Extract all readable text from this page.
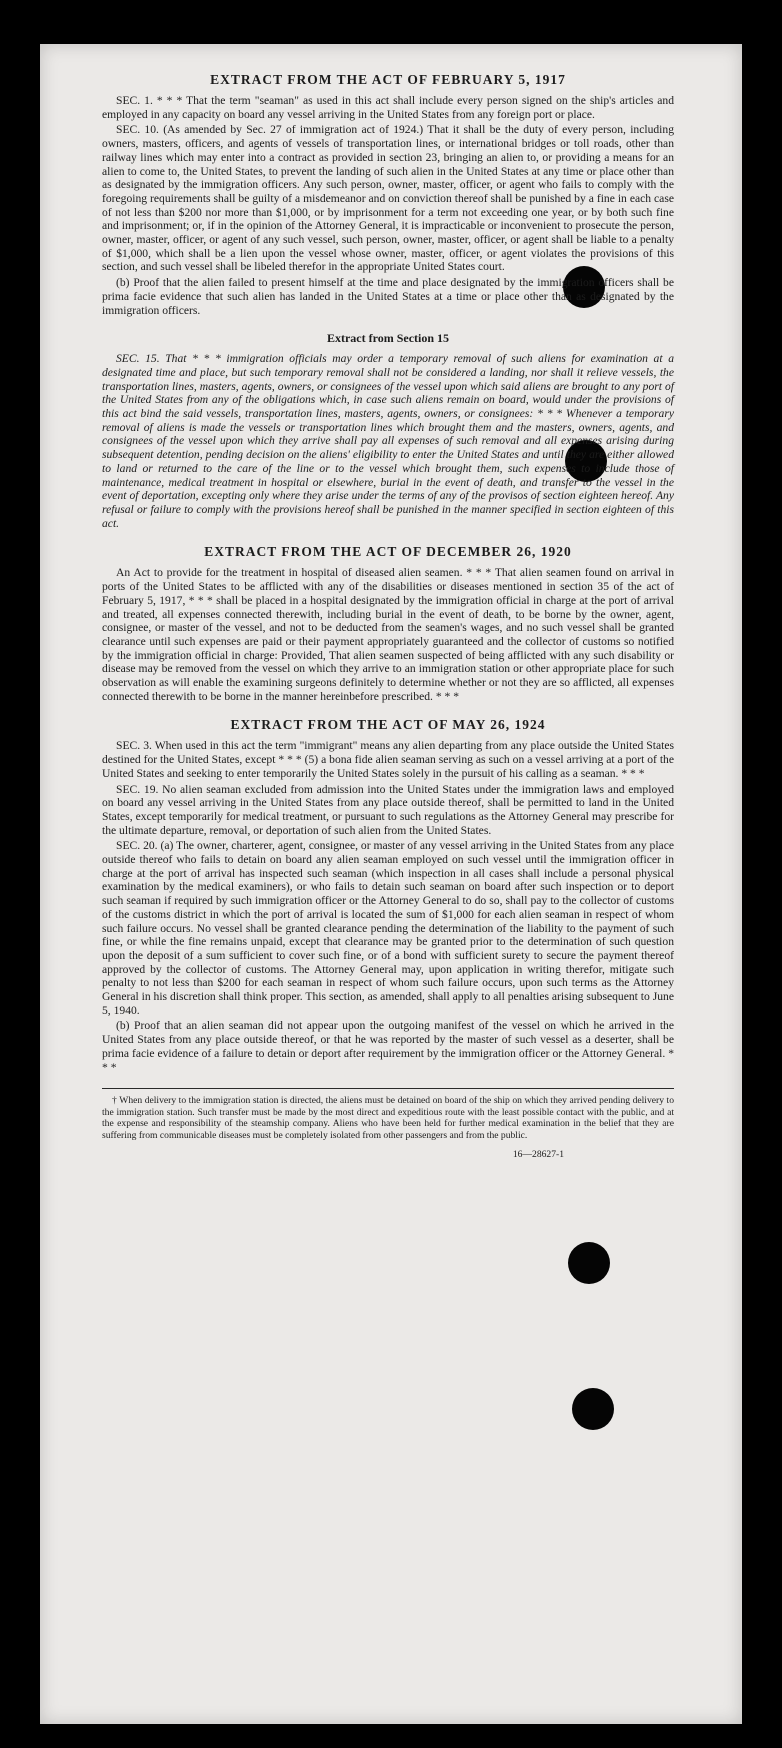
EXTRACT FROM THE ACT OF FEBRUARY 5, 1917

SEC. 1. * * * That the term "seaman" as used in this act shall include every person signed on the ship's articles and employed in any capacity on board any vessel arriving in the United States from any foreign port or place.

SEC. 10. (As amended by Sec. 27 of immigration act of 1924.) That it shall be the duty of every person, including owners, masters, officers, and agents of vessels of transportation lines, or international bridges or toll roads, other than railway lines which may enter into a contract as provided in section 23, bringing an alien to, or providing a means for an alien to come to, the United States, to prevent the landing of such alien in the United States at any time or place other than as designated by the immigration officers. Any such person, owner, master, officer, or agent who fails to comply with the foregoing requirements shall be guilty of a misdemeanor and on conviction thereof shall be punished by a fine in each case of not less than $200 nor more than $1,000, or by imprisonment for a term not exceeding one year, or by both such fine and imprisonment; or, if in the opinion of the Attorney General, it is impracticable or inconvenient to prosecute the person, owner, master, officer, or agent of any such vessel, such person, owner, master, officer, or agent shall be liable to a penalty of $1,000, which shall be a lien upon the vessel whose owner, master, officer, or agent violates the provisions of this section, and such vessel shall be libeled therefor in the appropriate United States court.

(b) Proof that the alien failed to present himself at the time and place designated by the immigration officers shall be prima facie evidence that such alien has landed in the United States at a time or place other than as designated by the immigration officers.

Extract from Section 15

SEC. 15. That * * * immigration officials may order a temporary removal of such aliens for examination at a designated time and place, but such temporary removal shall not be considered a landing, nor shall it relieve vessels, the transportation lines, masters, agents, owners, or consignees of the vessel upon which said aliens are brought to any port of the United States from any of the obligations which, in case such aliens remain on board, would under the provisions of this act bind the said vessels, transportation lines, masters, agents, owners, or consignees: * * * Whenever a temporary removal of aliens is made the vessels or transportation lines which brought them and the masters, owners, agents, and consignees of the vessel upon which they arrive shall pay all expenses of such removal and all expenses arising during subsequent detention, pending decision on the aliens' eligibility to enter the United States and until they are either allowed to land or returned to the care of the line or to the vessel which brought them, such expenses to include those of maintenance, medical treatment in hospital or elsewhere, burial in the event of death, and transfer to the vessel in the event of deportation, excepting only where they arise under the terms of any of the provisos of section eighteen hereof. Any refusal or failure to comply with the provisions hereof shall be punished in the manner specified in section eighteen of this act.

EXTRACT FROM THE ACT OF DECEMBER 26, 1920

An Act to provide for the treatment in hospital of diseased alien seamen. * * * That alien seamen found on arrival in ports of the United States to be afflicted with any of the disabilities or diseases mentioned in section 35 of the act of February 5, 1917, * * * shall be placed in a hospital designated by the immigration official in charge at the port of arrival and treated, all expenses connected therewith, including burial in the event of death, to be borne by the owner, agent, consignee, or master of the vessel, and not to be deducted from the seamen's wages, and no such vessel shall be granted clearance until such expenses are paid or their payment appropriately guaranteed and the collector of customs so notified by the immigration official in charge: Provided, That alien seamen suspected of being afflicted with any such disability or disease may be removed from the vessel on which they arrive to an immigration station or other appropriate place for such observation as will enable the examining surgeons definitely to determine whether or not they are so afflicted, all expenses connected therewith to be borne in the manner hereinbefore prescribed. * * *

EXTRACT FROM THE ACT OF MAY 26, 1924

SEC. 3. When used in this act the term "immigrant" means any alien departing from any place outside the United States destined for the United States, except * * * (5) a bona fide alien seaman serving as such on a vessel arriving at a port of the United States and seeking to enter temporarily the United States solely in the pursuit of his calling as a seaman. * * *

SEC. 19. No alien seaman excluded from admission into the United States under the immigration laws and employed on board any vessel arriving in the United States from any place outside thereof, shall be permitted to land in the United States, except temporarily for medical treatment, or pursuant to such regulations as the Attorney General may prescribe for the ultimate departure, removal, or deportation of such alien from the United States.

SEC. 20. (a) The owner, charterer, agent, consignee, or master of any vessel arriving in the United States from any place outside thereof who fails to detain on board any alien seaman employed on such vessel until the immigration officer in charge at the port of arrival has inspected such seaman (which inspection in all cases shall include a personal physical examination by the medical examiners), or who fails to detain such seaman on board after such inspection or to deport such seaman if required by such immigration officer or the Attorney General to do so, shall pay to the collector of customs of the customs district in which the port of arrival is located the sum of $1,000 for each alien seaman in respect of whom such failure occurs. No vessel shall be granted clearance pending the determination of the liability to the payment of such fine, or while the fine remains unpaid, except that clearance may be granted prior to the determination of such question upon the deposit of a sum sufficient to cover such fine, or of a bond with sufficient surety to secure the payment thereof approved by the collector of customs. The Attorney General may, upon application in writing therefor, mitigate such penalty to not less than $200 for each seaman in respect of whom such failure occurs, upon such terms as the Attorney General in his discretion shall think proper. This section, as amended, shall apply to all penalties arising subsequent to June 5, 1940.

(b) Proof that an alien seaman did not appear upon the outgoing manifest of the vessel on which he arrived in the United States from any place outside thereof, or that he was reported by the master of such vessel as a deserter, shall be prima facie evidence of a failure to detain or deport after requirement by the immigration officer or the Attorney General. * * *

† When delivery to the immigration station is directed, the aliens must be detained on board of the ship on which they arrived pending delivery to the immigration station. Such transfer must be made by the most direct and expeditious route with the least possible contact with the public, and at the expense and responsibility of the steamship company. Aliens who have been held for further medical examination in the belief that they are suffering from communicable diseases must be completely isolated from other passengers and from the public.

16—28627-1
